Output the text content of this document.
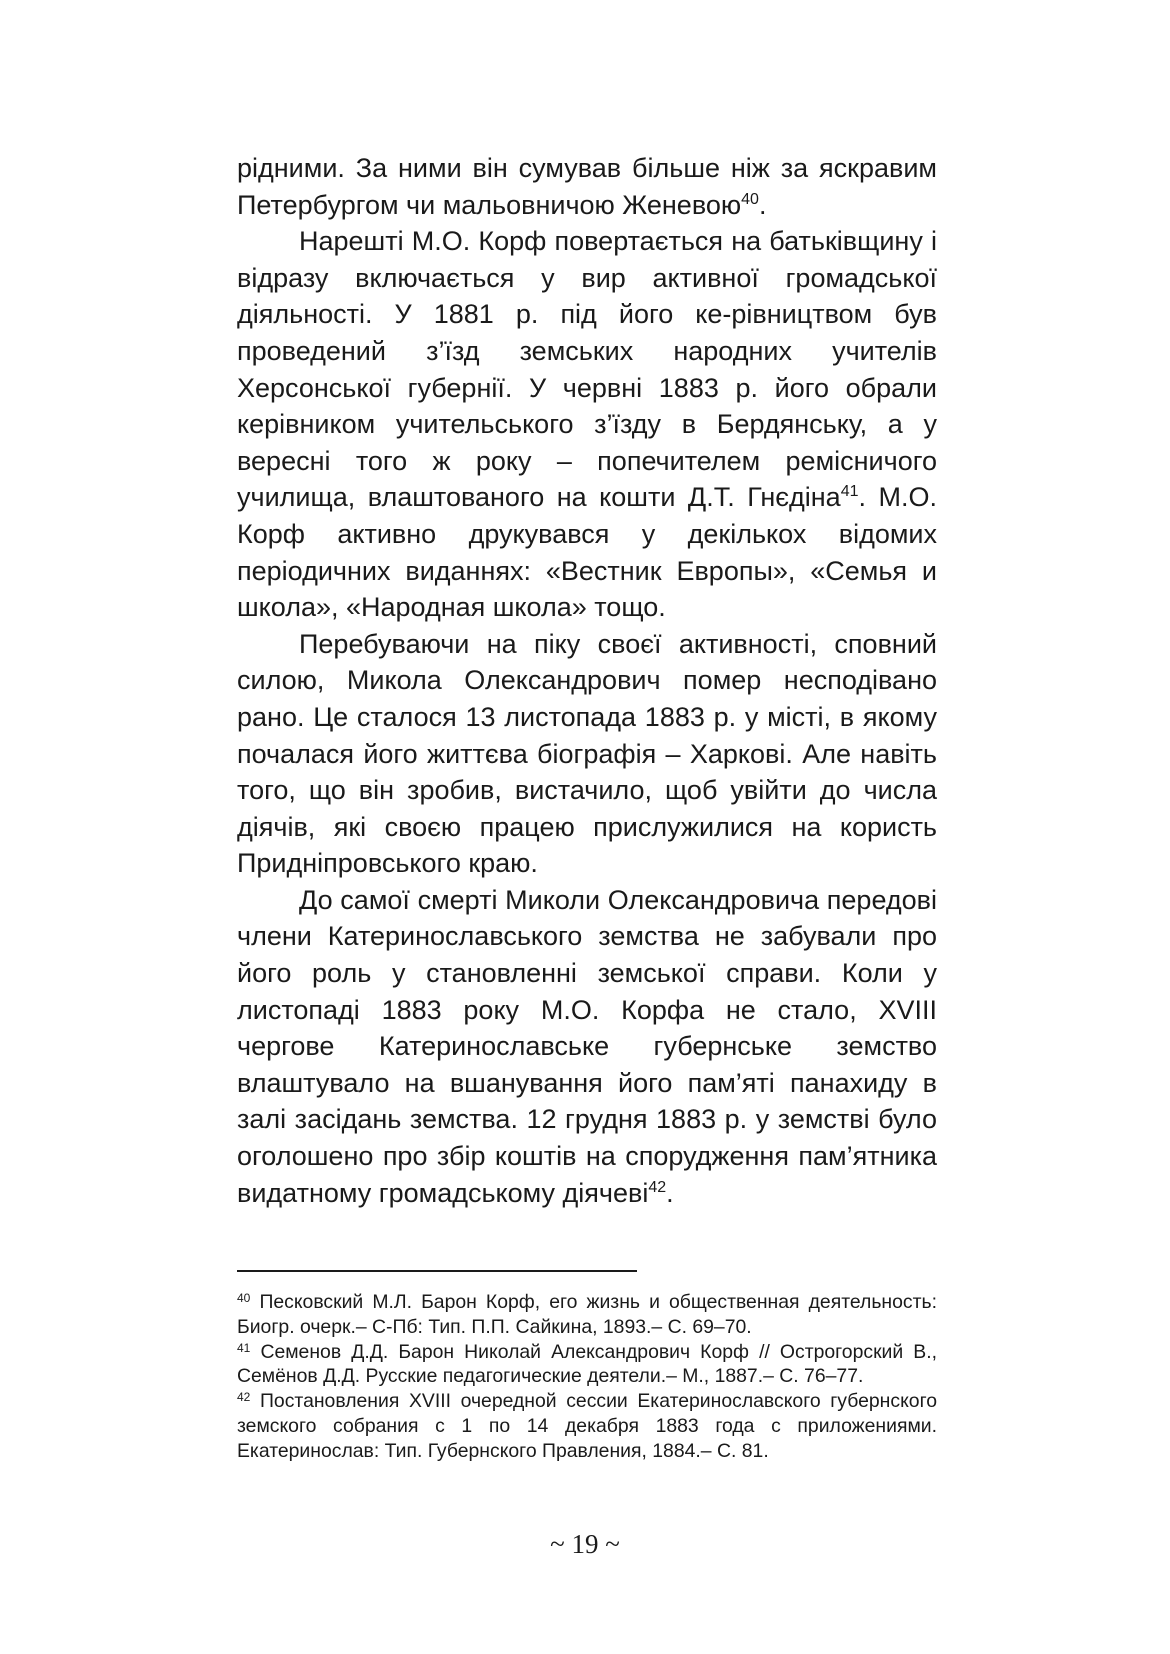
рідними. За ними він сумував більше ніж за яскравим Петербургом чи мальовничою Женевою$^{40}$.

Нарешті М.О. Корф повертається на батьківщину і відразу включається у вир активної громадської діяльності. У 1881 р. під його ке-рівництвом був проведений з’їзд земських народних учителів Херсонської губернії. У червні 1883 р. його обрали керівником учительського з’їзду в Бердянську, а у вересні того ж року – попечителем ремісничого училища, влаштованого на кошти Д.Т. Гнєдіна$^{41}$. М.О. Корф активно друкувався у декількох відомих періодичних виданнях: «Вестник Европы», «Семья и школа», «Народная школа» тощо.

Перебуваючи на піку своєї активності, сповний силою, Микола Олександрович помер несподівано рано. Це сталося 13 листопада 1883 р. у місті, в якому почалася його життєва біографія – Харкові. Але навіть того, що він зробив, вистачило, щоб увійти до числа діячів, які своєю працею прислужилися на користь Придніпровського краю.

До самої смерті Миколи Олександровича передові члени Катеринославського земства не забували про його роль у становленні земської справи. Коли у листопаді 1883 року М.О. Корфа не стало, XVIII чергове Катеринославське губернське земство влаштувало на вшанування його пам’яті панахиду в залі засідань земства. 12 грудня 1883 р. у земстві було оголошено про збір коштів на спорудження пам’ятника видатному громадському діячеві$^{42}$.

$^{40}$ Песковский М.Л. Барон Корф, его жизнь и общественная деятельность: Биогр. очерк.– С-Пб: Тип. П.П. Сайкина, 1893.– С. 69–70.

$^{41}$ Семенов Д.Д. Барон Николай Александрович Корф // Острогорский В., Семёнов Д.Д. Русские педагогические деятели.– М., 1887.– С. 76–77.

$^{42}$ Постановления XVIII очередной сессии Екатеринославского губернского земского собрания с 1 по 14 декабря 1883 года с приложениями. Екатеринослав: Тип. Губернского Правления, 1884.– С. 81.

~ 19 ~
